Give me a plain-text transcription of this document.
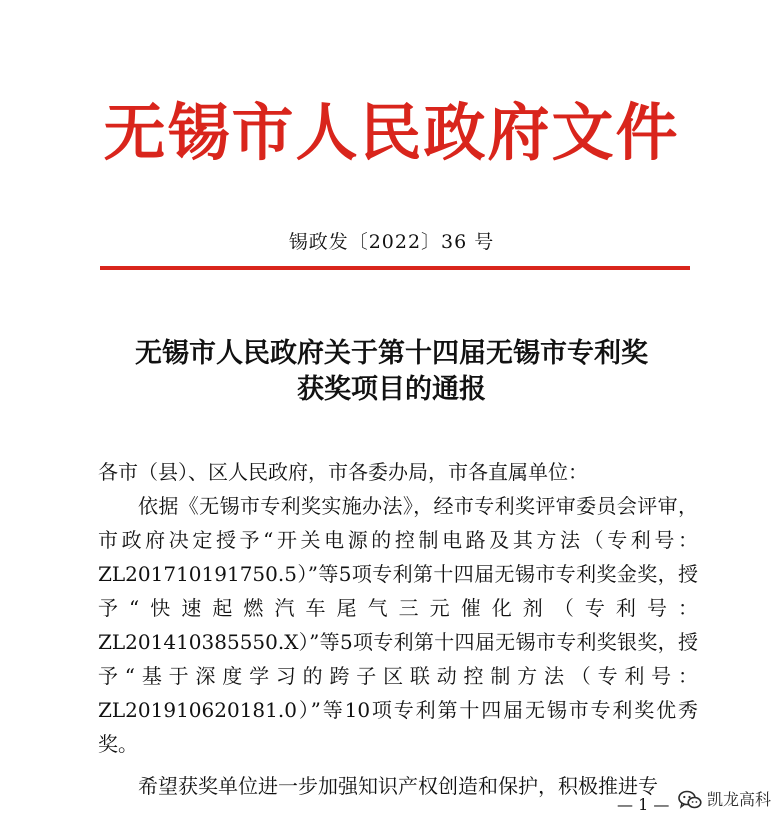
无锡市人民政府文件
锡政发〔2022〕36 号
无锡市人民政府关于第十四届无锡市专利奖
获奖项目的通报

各市（县）、区人民政府，市各委办局，市各直属单位：

依据《无锡市专利奖实施办法》，经市专利奖评审委员会评审，市政府决定授予“开关电源的控制电路及其方法（专利号：ZL201710191750.5）”等5项专利第十四届无锡市专利奖金奖，授予“快速起燃汽车尾气三元催化剂（专利号：ZL201410385550.X）”等5项专利第十四届无锡市专利奖银奖，授予“基于深度学习的跨子区联动控制方法（专利号：ZL201910620181.0）”等10项专利第十四届无锡市专利奖优秀奖。

希望获奖单位进一步加强知识产权创造和保护，积极推进专

— 1 — 凯龙高科
